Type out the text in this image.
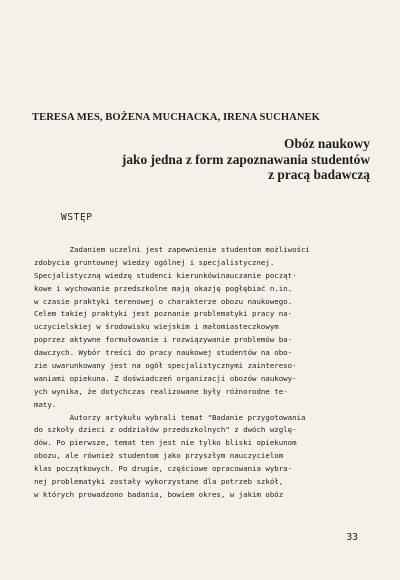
TERESA MES, BOŻENA MUCHACKA, IRENA SUCHANEK
Obóz naukowy
jako jedna z form zapoznawania studentów
z pracą badawczą
WSTĘP
Zadaniem uczelni jest zapewnienie studentom możliwości
zdobycia gruntownej wiedzy ogólnej i specjalistycznej.
Specjalistyczną wiedzę studenci kierunkówinauczanie począt-
kowe i wychowanie przedszkolne mają okazję pogłębiać n.in.
w czasie praktyki terenowej o charakterze obozu naukowego.
Celem takiej praktyki jest poznanie problematyki pracy na-
uczycielskiej w środowisku wiejskim i małomiasteczkowym
poprzez aktywne formułowanie i rozwiązywanie problemów ba-
dawczych. Wybór treści do pracy naukowej studentów na obo-
zie uwarunkowany jest na ogół specjalistycznymi zaintereso-
waniami opiekuna. Z doświadczeń organizacji obozów naukowy-
ych wynika, że dotychczas realizowane były różnorodne te-
maty.
Autorzy artykułu wybrali temat "Badanie przygotowania
do szkoły dzieci z oddziałów przedszkolnych" z dwóch wzglę-
dów. Po pierwsze, temat ten jest nie tylko bliski opiekunom
obozu, ale również studentom jako przyszłym nauczycielom
klas początkowych. Po drugie, częściowe opracowania wybra-
nej problematyki zostały wykorzystane dla potrzeb szkół,
w których prowadzono badania, bowiem okres, w jakim obóz
33
